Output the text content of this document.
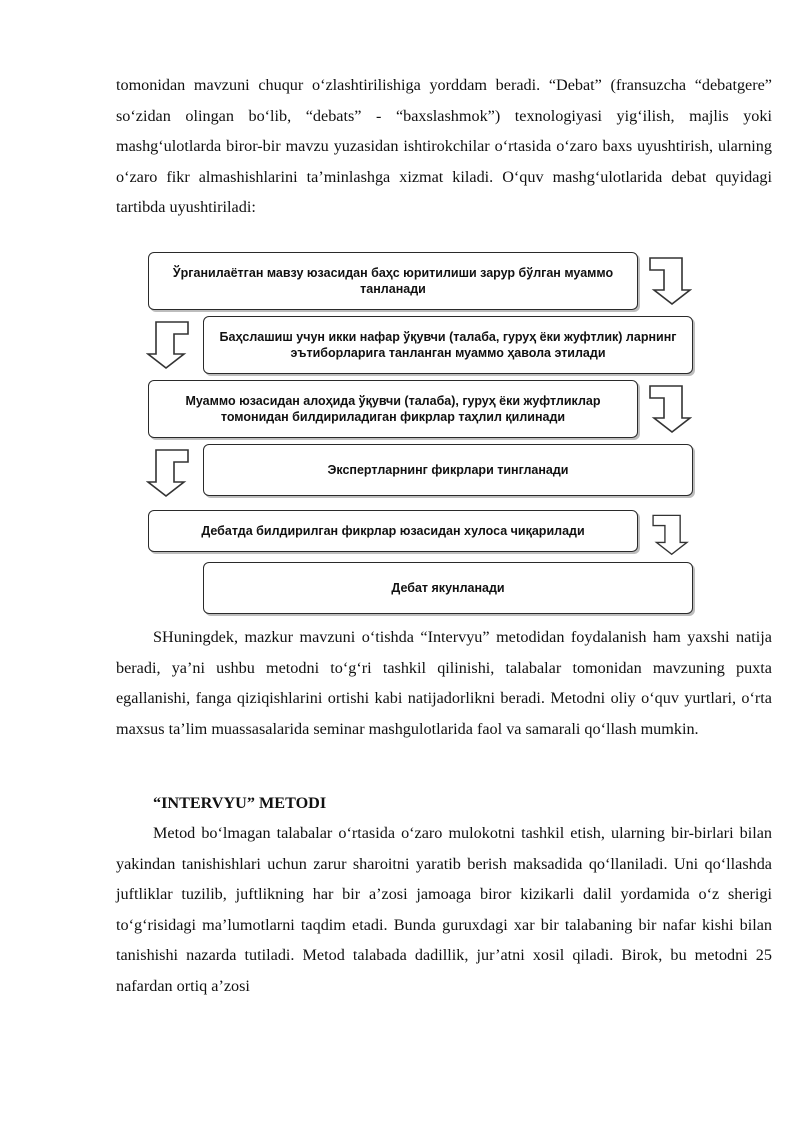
tomonidan mavzuni chuqur o‘zlashtirilishiga yorddam beradi. “Debat” (fransuzcha “debatgere” so‘zidan olingan bo‘lib, “debats” - “baxslashmok”) texnologiyasi yig‘ilish, majlis yoki mashg‘ulotlarda biror-bir mavzu yuzasidan ishtirokchilar o‘rtasida o‘zaro baxs uyushtirish, ularning o‘zaro fikr almashishlarini ta’minlashga xizmat kiladi. O‘quv mashg‘ulotlarida debat quyidagi tartibda uyushtiriladi:

Ўрганилаётган мавзу юзасидан баҳс юритилиши зарур бўлган муаммо танланади
Баҳслашиш учун икки нафар ўқувчи (талаба, гуруҳ ёки жуфтлик) ларнинг эътиборларига танланган муаммо ҳавола этилади
Муаммо юзасидан алоҳида ўқувчи (талаба), гуруҳ ёки жуфтликлар томонидан билдириладиган фикрлар таҳлил қилинади
Экспертларнинг фикрлари тингланади
Дебатда билдирилган фикрлар юзасидан хулоса чиқарилади
Дебат якунланади

SHuningdek, mazkur mavzuni o‘tishda “Intervyu” metodidan foydalanish ham yaxshi natija beradi, ya’ni ushbu metodni to‘g‘ri tashkil qilinishi, talabalar tomonidan mavzuning puxta egallanishi, fanga qiziqishlarini ortishi kabi natijadorlikni beradi. Metodni oliy o‘quv yurtlari, o‘rta maxsus ta’lim muassasalarida seminar mashgulotlarida faol va samarali qo‘llash mumkin.

“INTERVYU” METODI

Metod bo‘lmagan talabalar o‘rtasida o‘zaro mulokotni tashkil etish, ularning bir-birlari bilan yakindan tanishishlari uchun zarur sharoitni yaratib berish maksadida qo‘llaniladi. Uni qo‘llashda juftliklar tuzilib, juftlikning har bir a’zosi jamoaga biror kizikarli dalil yordamida o‘z sherigi to‘g‘risidagi ma’lumotlarni taqdim etadi. Bunda guruxdagi xar bir talabaning bir nafar kishi bilan tanishishi nazarda tutiladi. Metod talabada dadillik, jur’atni xosil qiladi. Birok, bu metodni 25 nafardan ortiq a’zosi
